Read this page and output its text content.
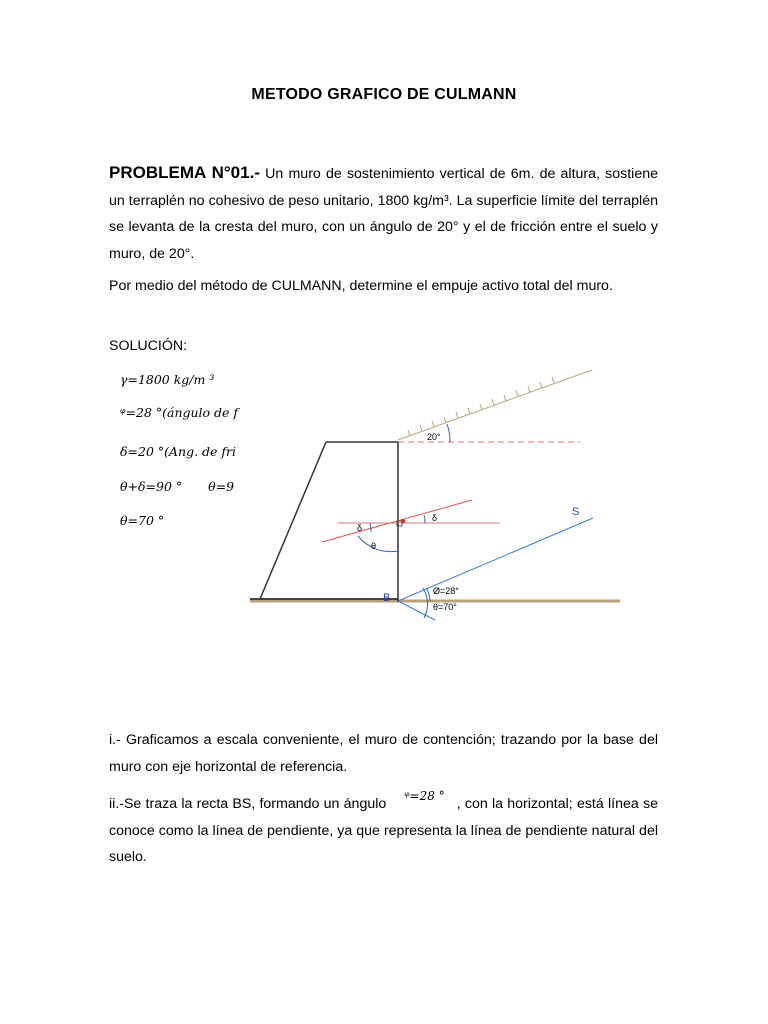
METODO GRAFICO DE CULMANN
PROBLEMA N°01.- Un muro de sostenimiento vertical de 6m. de altura, sostiene un terraplén no cohesivo de peso unitario, 1800 kg/m³. La superficie límite del terraplén se levanta de la cresta del muro, con un ángulo de 20° y el de fricción entre el suelo y muro, de 20°.
Por medio del método de CULMANN, determine el empuje activo total del muro.
SOLUCIÓN:
γ=1800 kg/m ³
ᵠ=28 °(ángulo de f
δ=20 °(Ang. de fri
θ+δ=90 ° θ=9
θ=70 °
20°
δ
δ
θ
S
B
Ø=28°
θ=70°
i.- Graficamos a escala conveniente, el muro de contención; trazando por la base del muro con eje horizontal de referencia.
ii.-Se traza la recta BS, formando un ángulo ᵠ=28 ° , con la horizontal; está línea se conoce como la línea de pendiente, ya que representa la línea de pendiente natural del suelo.
